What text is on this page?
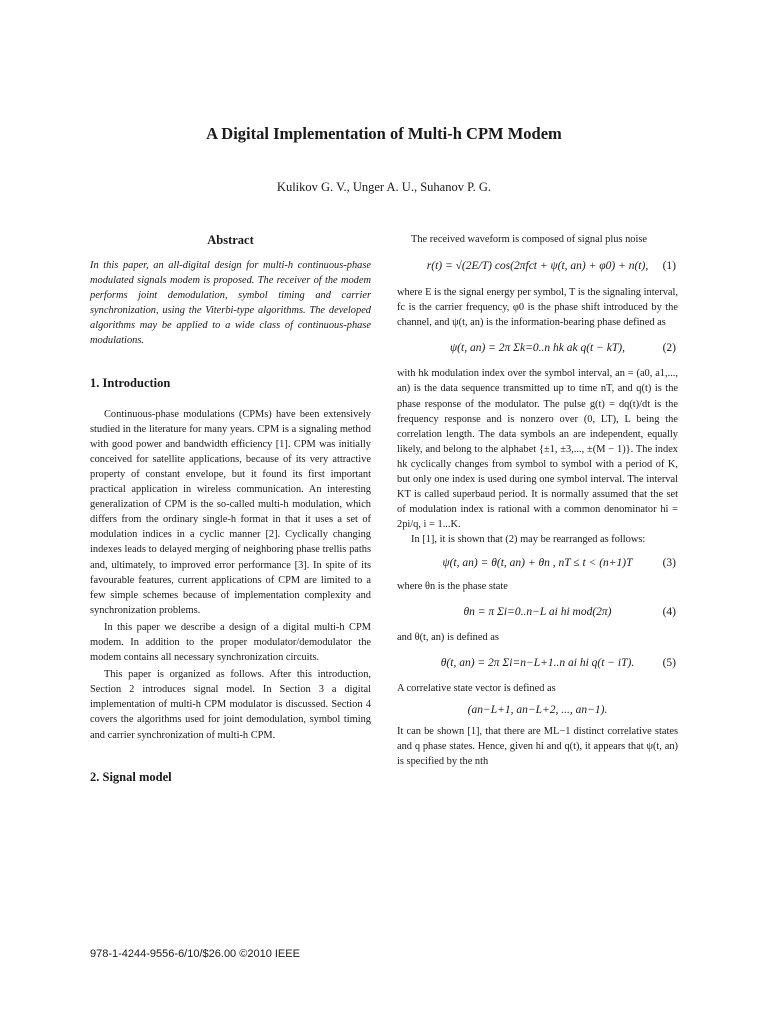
A Digital Implementation of Multi-h CPM Modem
Kulikov G. V., Unger A. U., Suhanov P. G.
Abstract

In this paper, an all-digital design for multi-h continuous-phase modulated signals modem is proposed. The receiver of the modem performs joint demodulation, symbol timing and carrier synchronization, using the Viterbi-type algorithms. The developed algorithms may be applied to a wide class of continuous-phase modulations.

1. Introduction

Continuous-phase modulations (CPMs) have been extensively studied in the literature for many years. CPM is a signaling method with good power and bandwidth efficiency [1]. CPM was initially conceived for satellite applications, because of its very attractive property of constant envelope, but it found its first important practical application in wireless communication. An interesting generalization of CPM is the so-called multi-h modulation, which differs from the ordinary single-h format in that it uses a set of modulation indices in a cyclic manner [2]. Cyclically changing indexes leads to delayed merging of neighboring phase trellis paths and, ultimately, to improved error performance [3]. In spite of its favourable features, current applications of CPM are limited to a few simple schemes because of implementation complexity and synchronization problems.

In this paper we describe a design of a digital multi-h CPM modem. In addition to the proper modulator/demodulator the modem contains all necessary synchronization circuits.

This paper is organized as follows. After this introduction, Section 2 introduces signal model. In Section 3 a digital implementation of multi-h CPM modulator is discussed. Section 4 covers the algorithms used for joint demodulation, symbol timing and carrier synchronization of multi-h CPM.

2. Signal model

The received waveform is composed of signal plus noise

r(t) = √(2E/T) cos(2πfct + ψ(t, an) + φ0) + n(t), (1)

where E is the signal energy per symbol, T is the signaling interval, fc is the carrier frequency, φ0 is the phase shift introduced by the channel, and ψ(t, an) is the information-bearing phase defined as

ψ(t, an) = 2π Σk=0..n hk ak q(t − kT),	(2)

with hk modulation index over the symbol interval, an = (a0, a1,..., an) is the data sequence transmitted up to time nT, and q(t) is the phase response of the modulator. The pulse g(t) = dq(t)/dt is the frequency response and is nonzero over (0, LT), L being the correlation length. The data symbols an are independent, equally likely, and belong to the alphabet {±1, ±3,..., ±(M − 1)}. The index hk cyclically changes from symbol to symbol with a period of K, but only one index is used during one symbol interval. The interval KT is called superbaud period. It is normally assumed that the set of modulation index is rational with a common denominator hi = 2pi/q, i = 1...K.

In [1], it is shown that (2) may be rearranged as follows:

ψ(t, an) = θ(t, an) + θn , nT ≤ t < (n+1)T	(3)

where θn is the phase state

θn = π Σi=0..n−L ai hi mod(2π)	(4)

and θ(t, an) is defined as

θ(t, an) = 2π Σi=n−L+1..n ai hi q(t − iT). (5)

A correlative state vector is defined as

(an−L+1, an−L+2, ..., an−1).

It can be shown [1], that there are ML−1 distinct correlative states and q phase states. Hence, given hi and q(t), it appears that ψ(t, an) is specified by the nth

978-1-4244-9556-6/10/$26.00 ©2010 IEEE
